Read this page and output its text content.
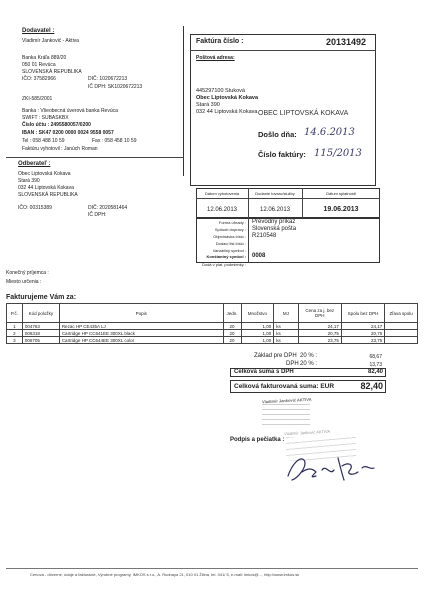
Dodavatel :
Vladimír Janković - Aktiva
Banka Kráľa 889/20
050 01 Revúca
SLOVENSKÁ REPUBLIKA
IČO: 37582966	DIČ: 1020672213
IČ DPH: SK1020672213
ZKI-585/2001
Banka : Všeobecná úverová banka Revúca
SWIFT : SUBASKBX
Číslo účtu : 2495580057/0200
IBAN : SK47 0200 0000 0024 9558 0057
Tel : 058 488 10 59	Fax : 058 458 10 59
Faktúru vyhotovil : Janúch Roman
Odberateľ :
Obec Liptovská Kokava
Stará 390
032 44 Liptovská Kokava
SLOVENSKÁ REPUBLIKA
IČO: 00315389	DIČ: 2020581464
IČ DPH:
Konečný príjemca :
Miesto určenia :
Faktúra číslo :	20131492
Poštová adresa:
445297100 Stuková
Obec Liptovská Kokava
Stará 390
032 44 Liptovská Kokava OBEC LIPTOVSKÁ KOKAVA
Došlo dňa: 14.6.2013
Číslo faktúry: 115/2013
Dátum vyhotovenia	Dodanie tovaru/služby	Dátum splatnosti
12.06.2013	12.06.2013	19.06.2013
Forma úhrady : Prevodný príkaz
Spôsob dopravy : Slovenská pošta
Objednávka číslo : R210548
Dodací list číslo :
Variabilný symbol :
Konštantný symbol : 0008
Dodá v plat. podmienky :
Fakturujeme Vám za:
P.č.	Kód položky	Popis	Jedn.	Množstvo	MJ	Cena za j. bez DPH	Spolu bez DPH	Zľava spolu
1	004763	Rezac HP CE435A LJ	20	1,00	ks	24,17	24,17	
2	006318	Cartridge HP CC641EE 300XL black	20	1,00	ks	20,75	20,75	
3	006705	Cartridge HP CC644EE 300XL color	20	1,00	ks	23,75	23,75	
Základ pre DPH 20 % :	68,67
DPH 20 % :	13,73
Celková suma s DPH	82,40
Celková fakturovaná suma: EUR	82,40
Vladimír Janković AKTIVA
Vladimír Janković AKTIVA
Podpis a pečiatka :
Cenová - dôverne, údaje a fakturácie, Výrobné programy, IMKOS s.r.o., A. Rudnaya 21, 010 01 Žilina, tel. 041/ 5, e-mail: imkos@..., http://www.imkos.sk
